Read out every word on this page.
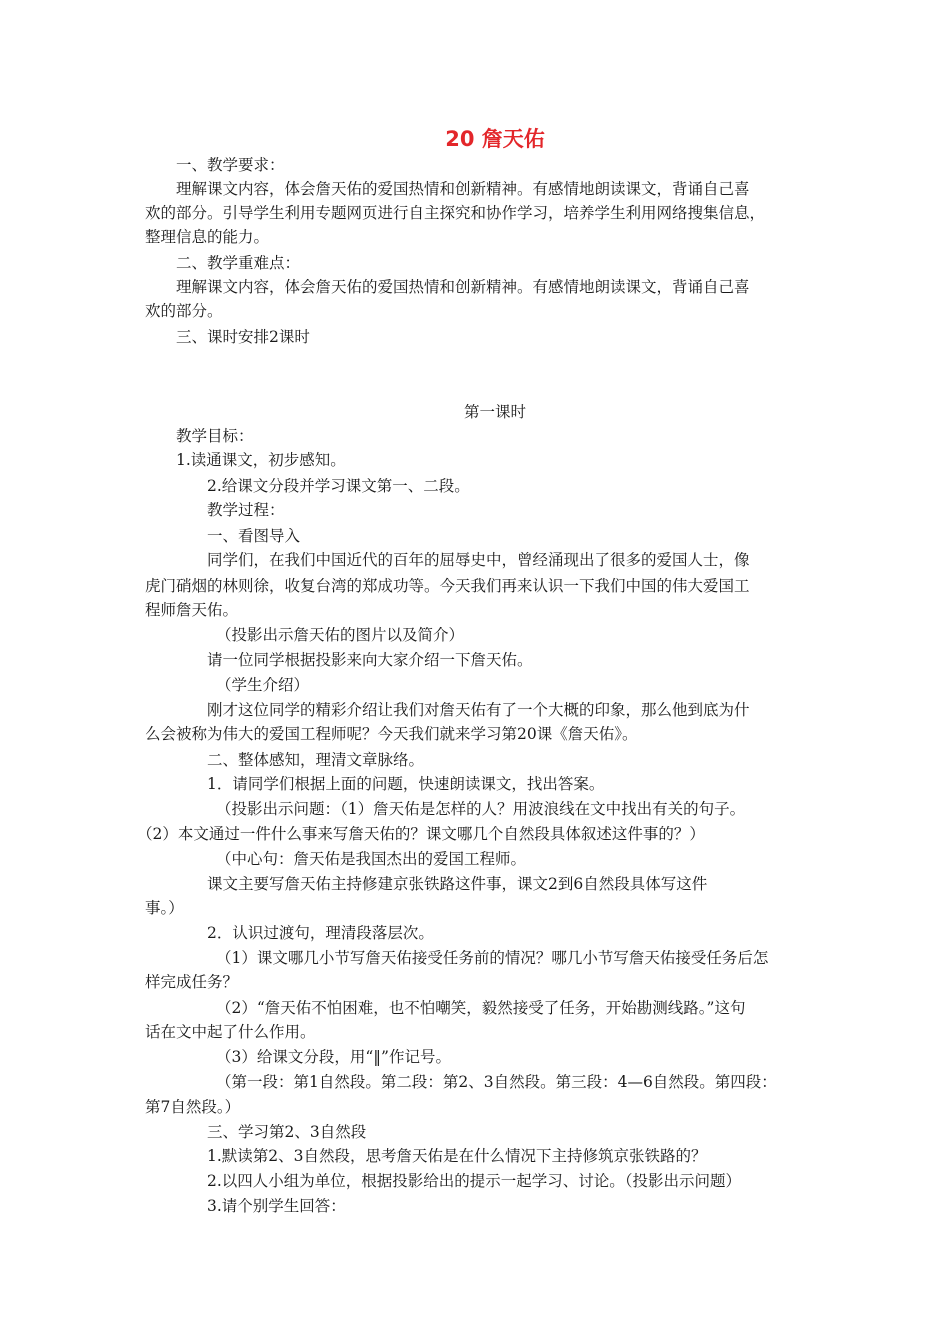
20 詹天佑
一、教学要求：
理解课文内容，体会詹天佑的爱国热情和创新精神。有感情地朗读课文，背诵自己喜
欢的部分。引导学生利用专题网页进行自主探究和协作学习，培养学生利用网络搜集信息，
整理信息的能力。
二、教学重难点：
理解课文内容，体会詹天佑的爱国热情和创新精神。有感情地朗读课文，背诵自己喜
欢的部分。
三、课时安排2课时
第一课时
教学目标：
1.读通课文，初步感知。
2.给课文分段并学习课文第一、二段。
教学过程：
一、看图导入
同学们，在我们中国近代的百年的屈辱史中，曾经涌现出了很多的爱国人士，像
虎门硝烟的林则徐，收复台湾的郑成功等。今天我们再来认识一下我们中国的伟大爱国工
程师詹天佑。
（投影出示詹天佑的图片以及简介）
请一位同学根据投影来向大家介绍一下詹天佑。
（学生介绍）
刚才这位同学的精彩介绍让我们对詹天佑有了一个大概的印象，那么他到底为什
么会被称为伟大的爱国工程师呢？今天我们就来学习第20课《詹天佑》。
二、整体感知，理清文章脉络。
1．请同学们根据上面的问题，快速朗读课文，找出答案。
（投影出示问题：（1）詹天佑是怎样的人？用波浪线在文中找出有关的句子。
（2）本文通过一件什么事来写詹天佑的？课文哪几个自然段具体叙述这件事的？）
（中心句：詹天佑是我国杰出的爱国工程师。
课文主要写詹天佑主持修建京张铁路这件事，课文2到6自然段具体写这件
事。）
2．认识过渡句，理清段落层次。
（1）课文哪几小节写詹天佑接受任务前的情况？哪几小节写詹天佑接受任务后怎
样完成任务？
（2）“詹天佑不怕困难，也不怕嘲笑，毅然接受了任务，开始勘测线路。”这句
话在文中起了什么作用。
（3）给课文分段，用“‖”作记号。
（第一段：第1自然段。第二段：第2、3自然段。第三段：4—6自然段。第四段：
第7自然段。）
三、学习第2、3自然段
1.默读第2、3自然段，思考詹天佑是在什么情况下主持修筑京张铁路的？
2.以四人小组为单位，根据投影给出的提示一起学习、讨论。（投影出示问题）
3.请个别学生回答：
